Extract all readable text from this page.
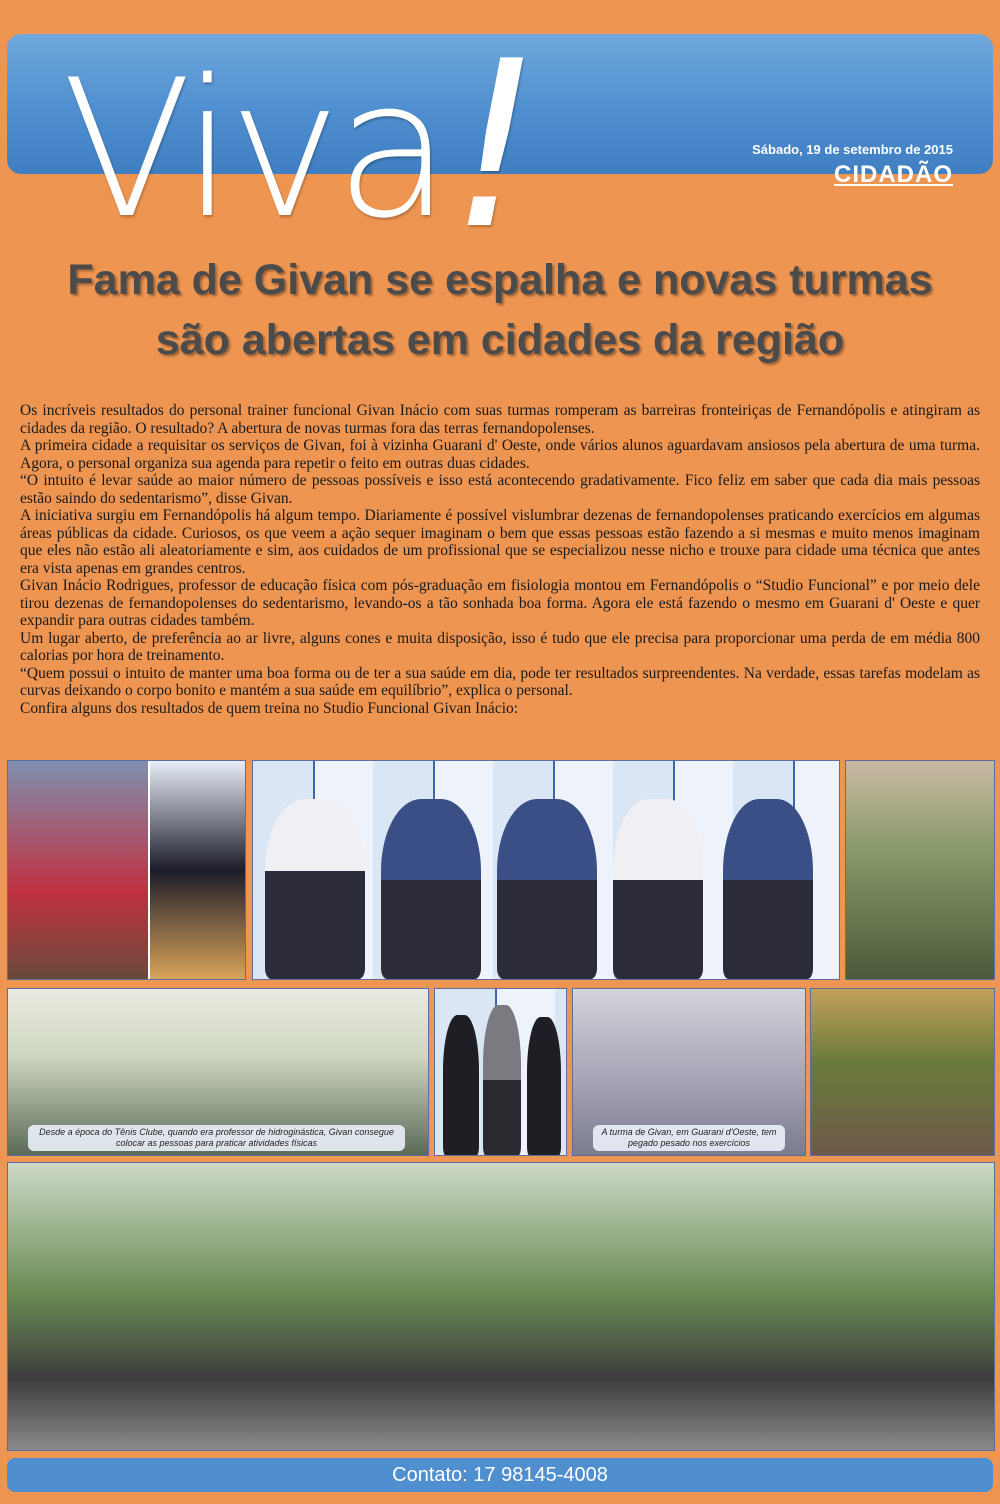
Viva!	Sábado, 19 de setembro de 2015
CIDADÃO
Fama de Givan se espalha e novas turmas
são abertas em cidades da região

Os incríveis resultados do personal trainer funcional Givan Inácio com suas turmas romperam as barreiras fronteiriças de Fernandópolis e atingiram as cidades da região. O resultado? A abertura de novas turmas fora das terras fernandopolenses.

A primeira cidade a requisitar os serviços de Givan, foi à vizinha Guarani d' Oeste, onde vários alunos aguardavam ansiosos pela abertura de uma turma. Agora, o personal organiza sua agenda para repetir o feito em outras duas cidades.

“O intuito é levar saúde ao maior número de pessoas possíveis e isso está acontecendo gradativamente. Fico feliz em saber que cada dia mais pessoas estão saindo do sedentarismo”, disse Givan.

A iniciativa surgiu em Fernandópolis há algum tempo. Diariamente é possível vislumbrar dezenas de fernandopolenses praticando exercícios em algumas áreas públicas da cidade. Curiosos, os que veem a ação sequer imaginam o bem que essas pessoas estão fazendo a si mesmas e muito menos imaginam que eles não estão ali aleatoriamente e sim, aos cuidados de um profissional que se especializou nesse nicho e trouxe para cidade uma técnica que antes era vista apenas em grandes centros.

Givan Inácio Rodrigues, professor de educação física com pós-graduação em fisiologia montou em Fernandópolis o “Studio Funcional” e por meio dele tirou dezenas de fernandopolenses do sedentarismo, levando-os a tão sonhada boa forma. Agora ele está fazendo o mesmo em Guarani d' Oeste e quer expandir para outras cidades também.

Um lugar aberto, de preferência ao ar livre, alguns cones e muita disposição, isso é tudo que ele precisa para proporcionar uma perda de em média 800 calorias por hora de treinamento.

“Quem possui o intuito de manter uma boa forma ou de ter a sua saúde em dia, pode ter resultados surpreendentes. Na verdade, essas tarefas modelam as curvas deixando o corpo bonito e mantém a sua saúde em equilíbrio”, explica o personal.

Confira alguns dos resultados de quem treina no Studio Funcional Givan Inácio:

Desde a época do Tênis Clube, quando era professor de hidroginástica, Givan consegue colocar as pessoas para praticar atividades físicas
A turma de Givan, em Guarani d'Oeste, tem pegado pesado nos exercícios
Contato: 17 98145-4008
